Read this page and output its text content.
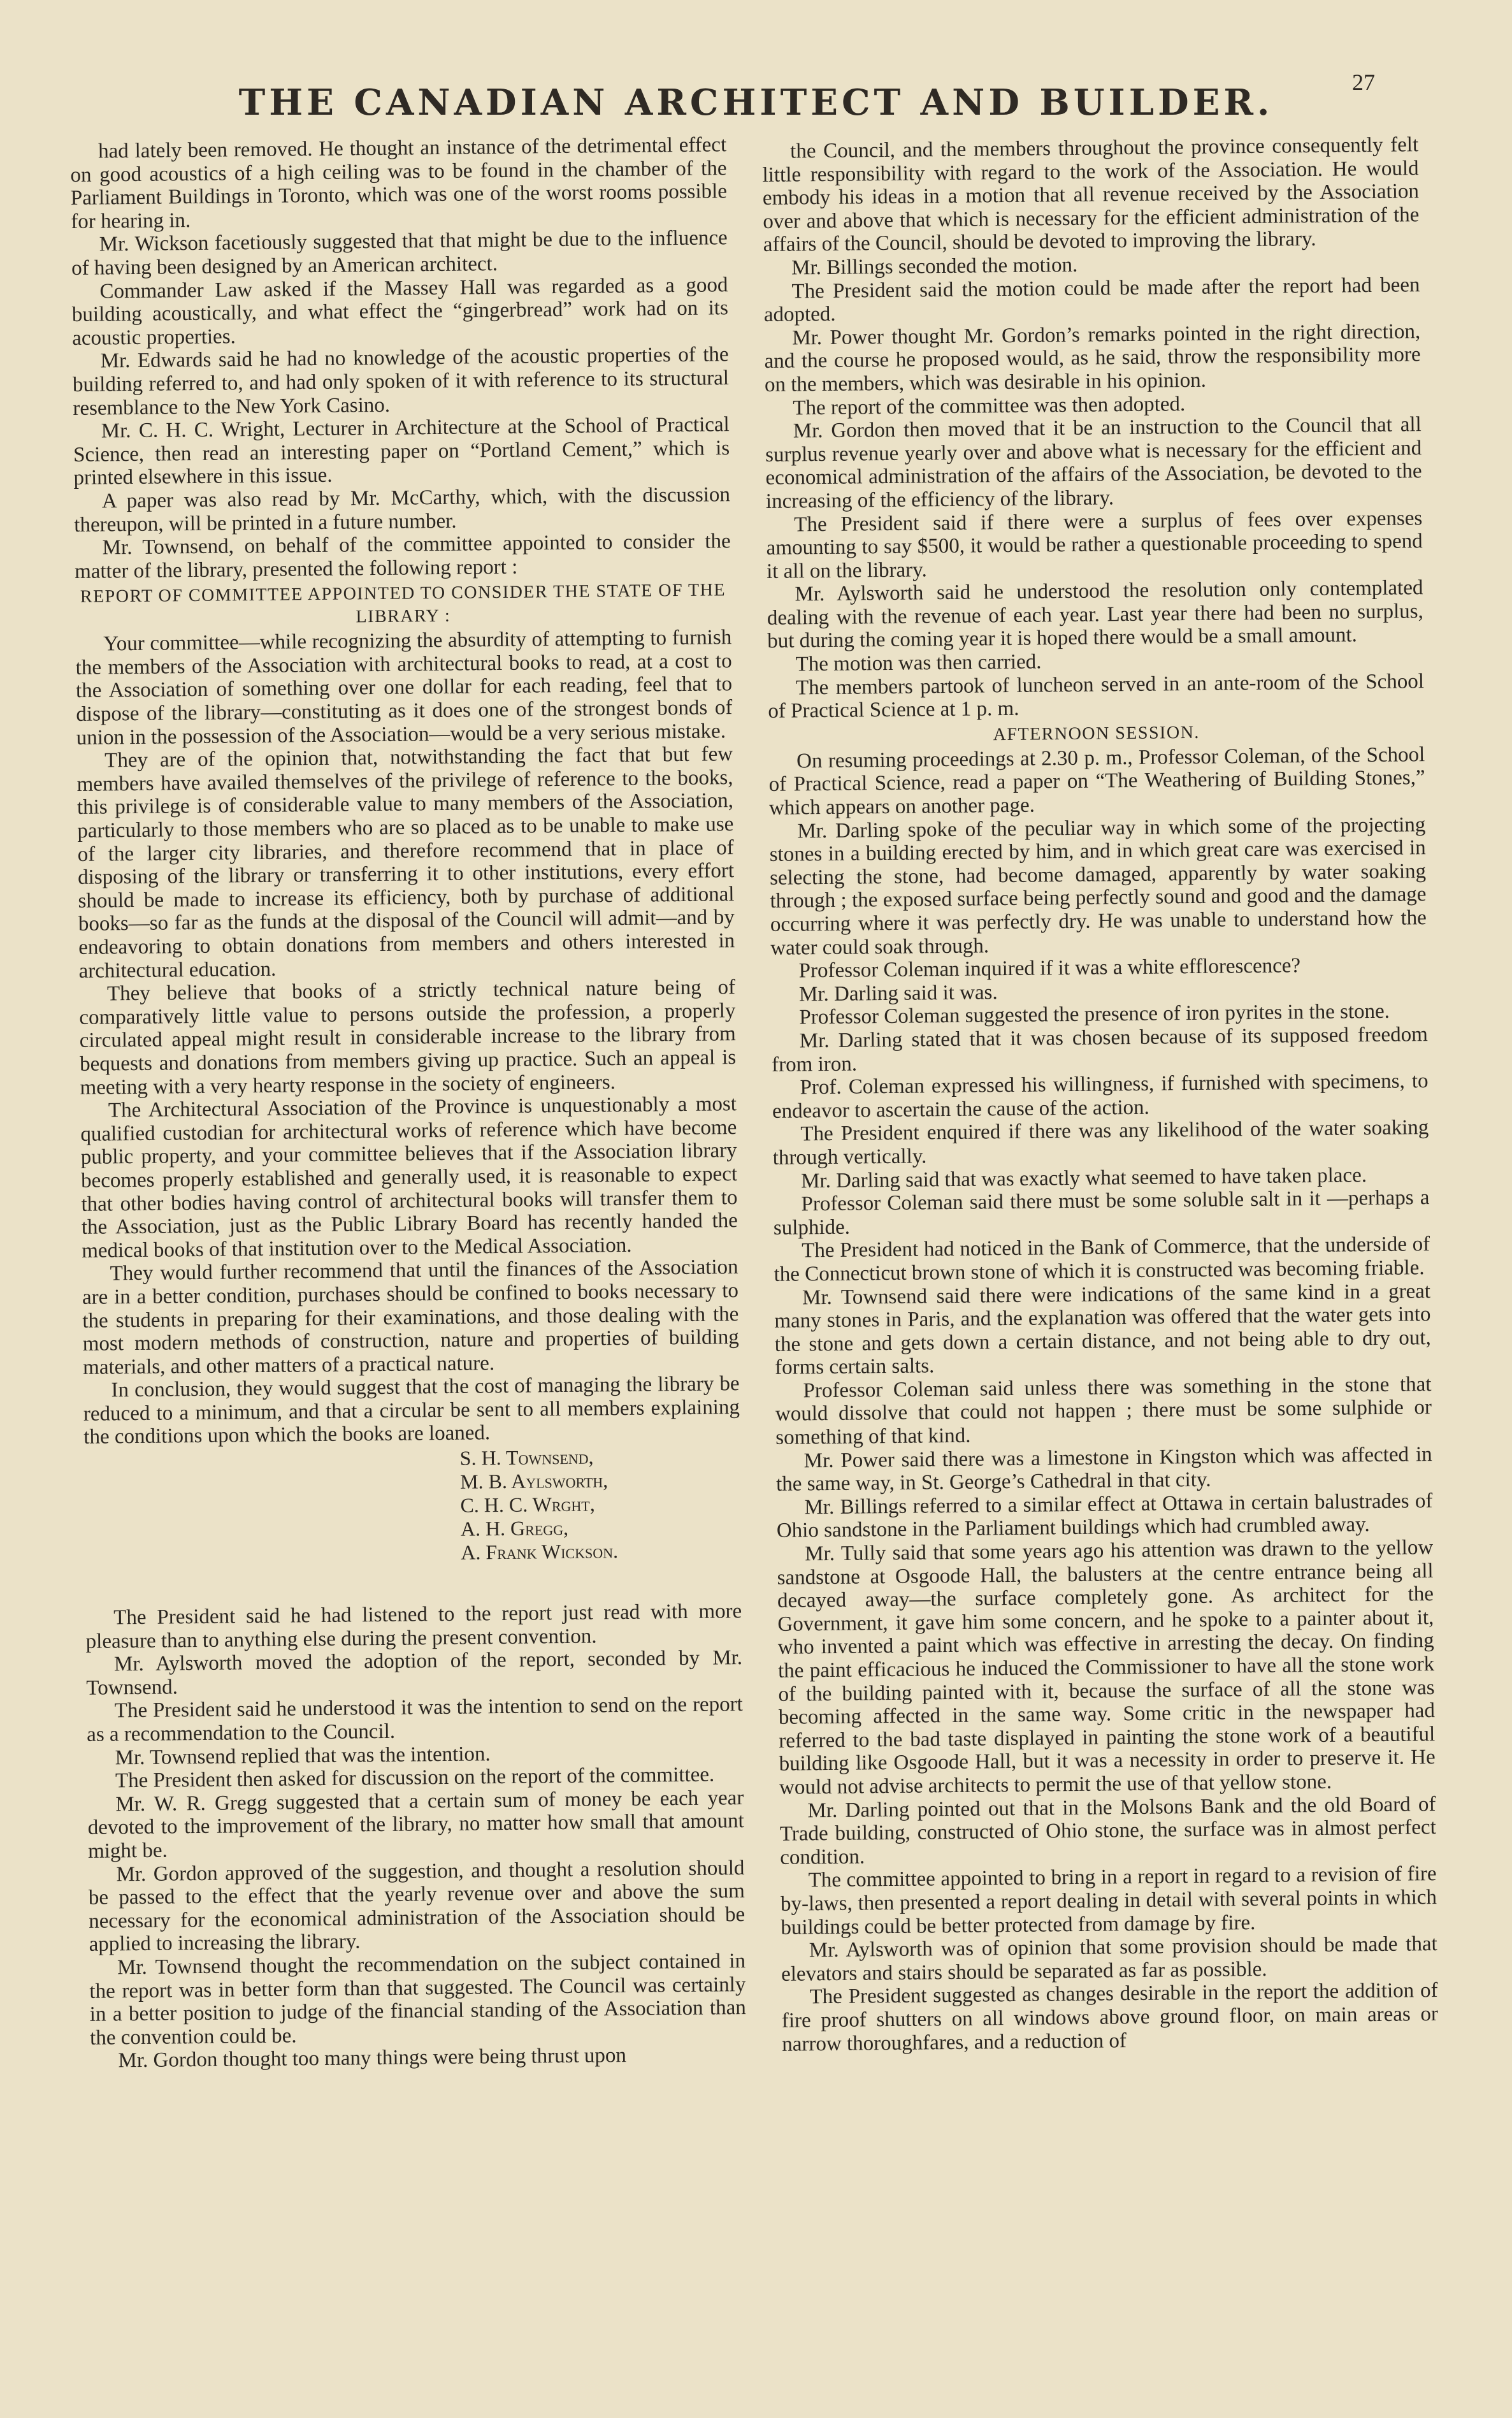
THE CANADIAN ARCHITECT AND BUILDER.	27

had lately been removed. He thought an instance of the detrimental effect on good acoustics of a high ceiling was to be found in the chamber of the Parliament Buildings in Toronto, which was one of the worst rooms possible for hearing in.

Mr. Wickson facetiously suggested that that might be due to the influence of having been designed by an American architect.

Commander Law asked if the Massey Hall was regarded as a good building acoustically, and what effect the “gingerbread” work had on its acoustic properties.

Mr. Edwards said he had no knowledge of the acoustic properties of the building referred to, and had only spoken of it with reference to its structural resemblance to the New York Casino.

Mr. C. H. C. Wright, Lecturer in Architecture at the School of Practical Science, then read an interesting paper on “Portland Cement,” which is printed elsewhere in this issue.

A paper was also read by Mr. McCarthy, which, with the discussion thereupon, will be printed in a future number.

Mr. Townsend, on behalf of the committee appointed to consider the matter of the library, presented the following report :

REPORT OF COMMITTEE APPOINTED TO CONSIDER THE STATE OF THE LIBRARY :

Your committee—while recognizing the absurdity of attempting to furnish the members of the Association with architectural books to read, at a cost to the Association of something over one dollar for each reading, feel that to dispose of the library—constituting as it does one of the strongest bonds of union in the possession of the Association—would be a very serious mistake.

They are of the opinion that, notwithstanding the fact that but few members have availed themselves of the privilege of reference to the books, this privilege is of considerable value to many members of the Association, particularly to those members who are so placed as to be unable to make use of the larger city libraries, and therefore recommend that in place of disposing of the library or transferring it to other institutions, every effort should be made to increase its efficiency, both by purchase of additional books—so far as the funds at the disposal of the Council will admit—and by endeavoring to obtain donations from members and others interested in architectural education.

They believe that books of a strictly technical nature being of comparatively little value to persons outside the profession, a properly circulated appeal might result in considerable increase to the library from bequests and donations from members giving up practice. Such an appeal is meeting with a very hearty response in the society of engineers.

The Architectural Association of the Province is unquestionably a most qualified custodian for architectural works of reference which have become public property, and your committee believes that if the Association library becomes properly established and generally used, it is reasonable to expect that other bodies having control of architectural books will transfer them to the Association, just as the Public Library Board has recently handed the medical books of that institution over to the Medical Association.

They would further recommend that until the finances of the Association are in a better condition, purchases should be confined to books necessary to the students in preparing for their examinations, and those dealing with the most modern methods of construction, nature and properties of building materials, and other matters of a practical nature.

In conclusion, they would suggest that the cost of managing the library be reduced to a minimum, and that a circular be sent to all members explaining the conditions upon which the books are loaned.

S. H. Townsend,
M. B. Aylsworth,
C. H. C. Wrght,
A. H. Gregg,
A. Frank Wickson.

The President said he had listened to the report just read with more pleasure than to anything else during the present convention.

Mr. Aylsworth moved the adoption of the report, seconded by Mr. Townsend.

The President said he understood it was the intention to send on the report as a recommendation to the Council.

Mr. Townsend replied that was the intention.

The President then asked for discussion on the report of the committee.

Mr. W. R. Gregg suggested that a certain sum of money be each year devoted to the improvement of the library, no matter how small that amount might be.

Mr. Gordon approved of the suggestion, and thought a resolution should be passed to the effect that the yearly revenue over and above the sum necessary for the economical administration of the Association should be applied to increasing the library.

Mr. Townsend thought the recommendation on the subject contained in the report was in better form than that suggested. The Council was certainly in a better position to judge of the financial standing of the Association than the convention could be.

Mr. Gordon thought too many things were being thrust upon

the Council, and the members throughout the province consequently felt little responsibility with regard to the work of the Association. He would embody his ideas in a motion that all revenue received by the Association over and above that which is necessary for the efficient administration of the affairs of the Council, should be devoted to improving the library.

Mr. Billings seconded the motion.

The President said the motion could be made after the report had been adopted.

Mr. Power thought Mr. Gordon’s remarks pointed in the right direction, and the course he proposed would, as he said, throw the responsibility more on the members, which was desirable in his opinion.

The report of the committee was then adopted.

Mr. Gordon then moved that it be an instruction to the Council that all surplus revenue yearly over and above what is necessary for the efficient and economical administration of the affairs of the Association, be devoted to the increasing of the efficiency of the library.

The President said if there were a surplus of fees over expenses amounting to say $500, it would be rather a questionable proceeding to spend it all on the library.

Mr. Aylsworth said he understood the resolution only contemplated dealing with the revenue of each year. Last year there had been no surplus, but during the coming year it is hoped there would be a small amount.

The motion was then carried.

The members partook of luncheon served in an ante-room of the School of Practical Science at 1 p. m.

AFTERNOON SESSION.

On resuming proceedings at 2.30 p. m., Professor Coleman, of the School of Practical Science, read a paper on “The Weathering of Building Stones,” which appears on another page.

Mr. Darling spoke of the peculiar way in which some of the projecting stones in a building erected by him, and in which great care was exercised in selecting the stone, had become damaged, apparently by water soaking through ; the exposed surface being perfectly sound and good and the damage occurring where it was perfectly dry. He was unable to understand how the water could soak through.

Professor Coleman inquired if it was a white efflorescence?

Mr. Darling said it was.

Professor Coleman suggested the presence of iron pyrites in the stone.

Mr. Darling stated that it was chosen because of its supposed freedom from iron.

Prof. Coleman expressed his willingness, if furnished with specimens, to endeavor to ascertain the cause of the action.

The President enquired if there was any likelihood of the water soaking through vertically.

Mr. Darling said that was exactly what seemed to have taken place.

Professor Coleman said there must be some soluble salt in it —perhaps a sulphide.

The President had noticed in the Bank of Commerce, that the underside of the Connecticut brown stone of which it is constructed was becoming friable.

Mr. Townsend said there were indications of the same kind in a great many stones in Paris, and the explanation was offered that the water gets into the stone and gets down a certain distance, and not being able to dry out, forms certain salts.

Professor Coleman said unless there was something in the stone that would dissolve that could not happen ; there must be some sulphide or something of that kind.

Mr. Power said there was a limestone in Kingston which was affected in the same way, in St. George’s Cathedral in that city.

Mr. Billings referred to a similar effect at Ottawa in certain balustrades of Ohio sandstone in the Parliament buildings which had crumbled away.

Mr. Tully said that some years ago his attention was drawn to the yellow sandstone at Osgoode Hall, the balusters at the centre entrance being all decayed away—the surface completely gone. As architect for the Government, it gave him some concern, and he spoke to a painter about it, who invented a paint which was effective in arresting the decay. On finding the paint efficacious he induced the Commissioner to have all the stone work of the building painted with it, because the surface of all the stone was becoming affected in the same way. Some critic in the newspaper had referred to the bad taste displayed in painting the stone work of a beautiful building like Osgoode Hall, but it was a necessity in order to preserve it. He would not advise architects to permit the use of that yellow stone.

Mr. Darling pointed out that in the Molsons Bank and the old Board of Trade building, constructed of Ohio stone, the surface was in almost perfect condition.

The committee appointed to bring in a report in regard to a revision of fire by-laws, then presented a report dealing in detail with several points in which buildings could be better protected from damage by fire.

Mr. Aylsworth was of opinion that some provision should be made that elevators and stairs should be separated as far as possible.

The President suggested as changes desirable in the report the addition of fire proof shutters on all windows above ground floor, on main areas or narrow thoroughfares, and a reduction of
